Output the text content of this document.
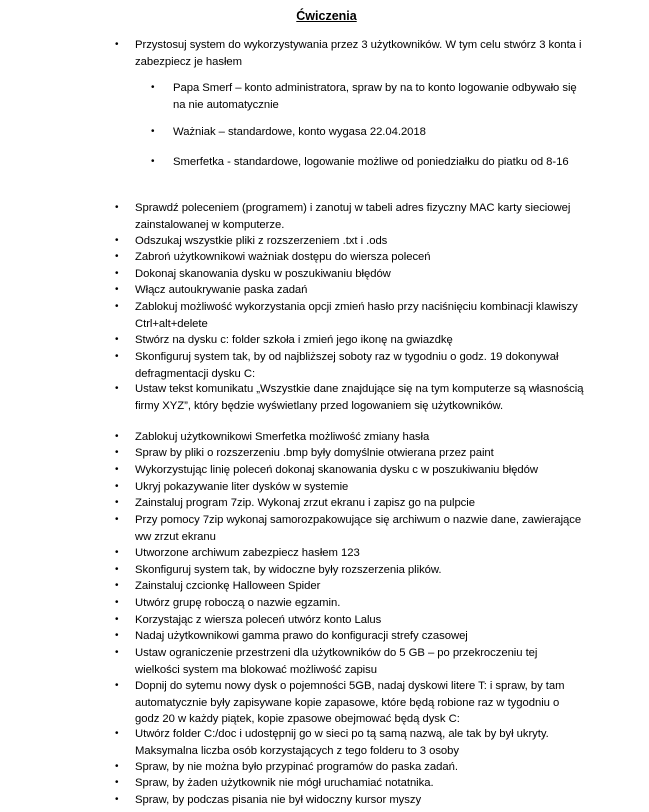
Ćwiczenia
• Przystosuj system do wykorzystywania przez 3 użytkowników. W tym celu stwórz 3 konta i zabezpiecz je hasłem
• Papa Smerf – konto administratora, spraw by na to konto logowanie odbywało się na nie automatycznie
• Ważniak – standardowe, konto wygasa 22.04.2018
• Smerfetka - standardowe, logowanie możliwe od poniedziałku do piatku od 8-16
• Sprawdź poleceniem (programem) i zanotuj w tabeli adres fizyczny MAC karty sieciowej zainstalowanej w komputerze.
• Odszukaj wszystkie pliki z rozszerzeniem .txt i .ods
• Zabroń użytkownikowi ważniak dostępu do wiersza poleceń
• Dokonaj skanowania dysku w poszukiwaniu błędów
• Włącz autoukrywanie paska zadań
• Zablokuj możliwość wykorzystania opcji zmień hasło przy naciśnięciu kombinacji klawiszy Ctrl+alt+delete
• Stwórz na dysku c: folder szkoła i zmień jego ikonę na gwiazdkę
• Skonfiguruj system tak, by od najbliższej soboty raz w tygodniu o godz. 19 dokonywał defragmentacji dysku C:
• Ustaw tekst komunikatu „Wszystkie dane znajdujące się na tym komputerze są własnością firmy XYZ”, który będzie wyświetlany przed logowaniem się użytkowników.
• Zablokuj użytkownikowi Smerfetka możliwość zmiany hasła
• Spraw by pliki o rozszerzeniu .bmp były domyślnie otwierana przez paint
• Wykorzystując linię poleceń dokonaj skanowania dysku c w poszukiwaniu błędów
• Ukryj pokazywanie liter dysków w systemie
• Zainstaluj program 7zip. Wykonaj zrzut ekranu i zapisz go na pulpcie
• Przy pomocy 7zip wykonaj samorozpakowujące się archiwum o nazwie dane, zawierające ww zrzut ekranu
• Utworzone archiwum zabezpiecz hasłem 123
• Skonfiguruj system tak, by widoczne były rozszerzenia plików.
• Zainstaluj czcionkę Halloween Spider
• Utwórz grupę roboczą o nazwie egzamin.
• Korzystając z wiersza poleceń utwórz konto Lalus
• Nadaj użytkownikowi gamma prawo do konfiguracji strefy czasowej
• Ustaw ograniczenie przestrzeni dla użytkowników do 5 GB – po przekroczeniu tej wielkości system ma blokować możliwość zapisu
• Dopnij do sytemu nowy dysk o pojemności 5GB, nadaj dyskowi litere T: i spraw, by tam automatycznie były zapisywane kopie zapasowe, które będą robione raz w tygodniu o godz 20 w każdy piątek, kopie zpasowe obejmować będą dysk C:
• Utwórz folder C:/doc i udostępnij go w sieci po tą samą nazwą, ale tak by był ukryty. Maksymalna liczba osób korzystających z tego folderu to 3 osoby
• Spraw, by nie można było przypinać programów do paska zadań.
• Spraw, by żaden użytkownik nie mógł uruchamiać notatnika.
• Spraw, by podczas pisania nie był widoczny kursor myszy
